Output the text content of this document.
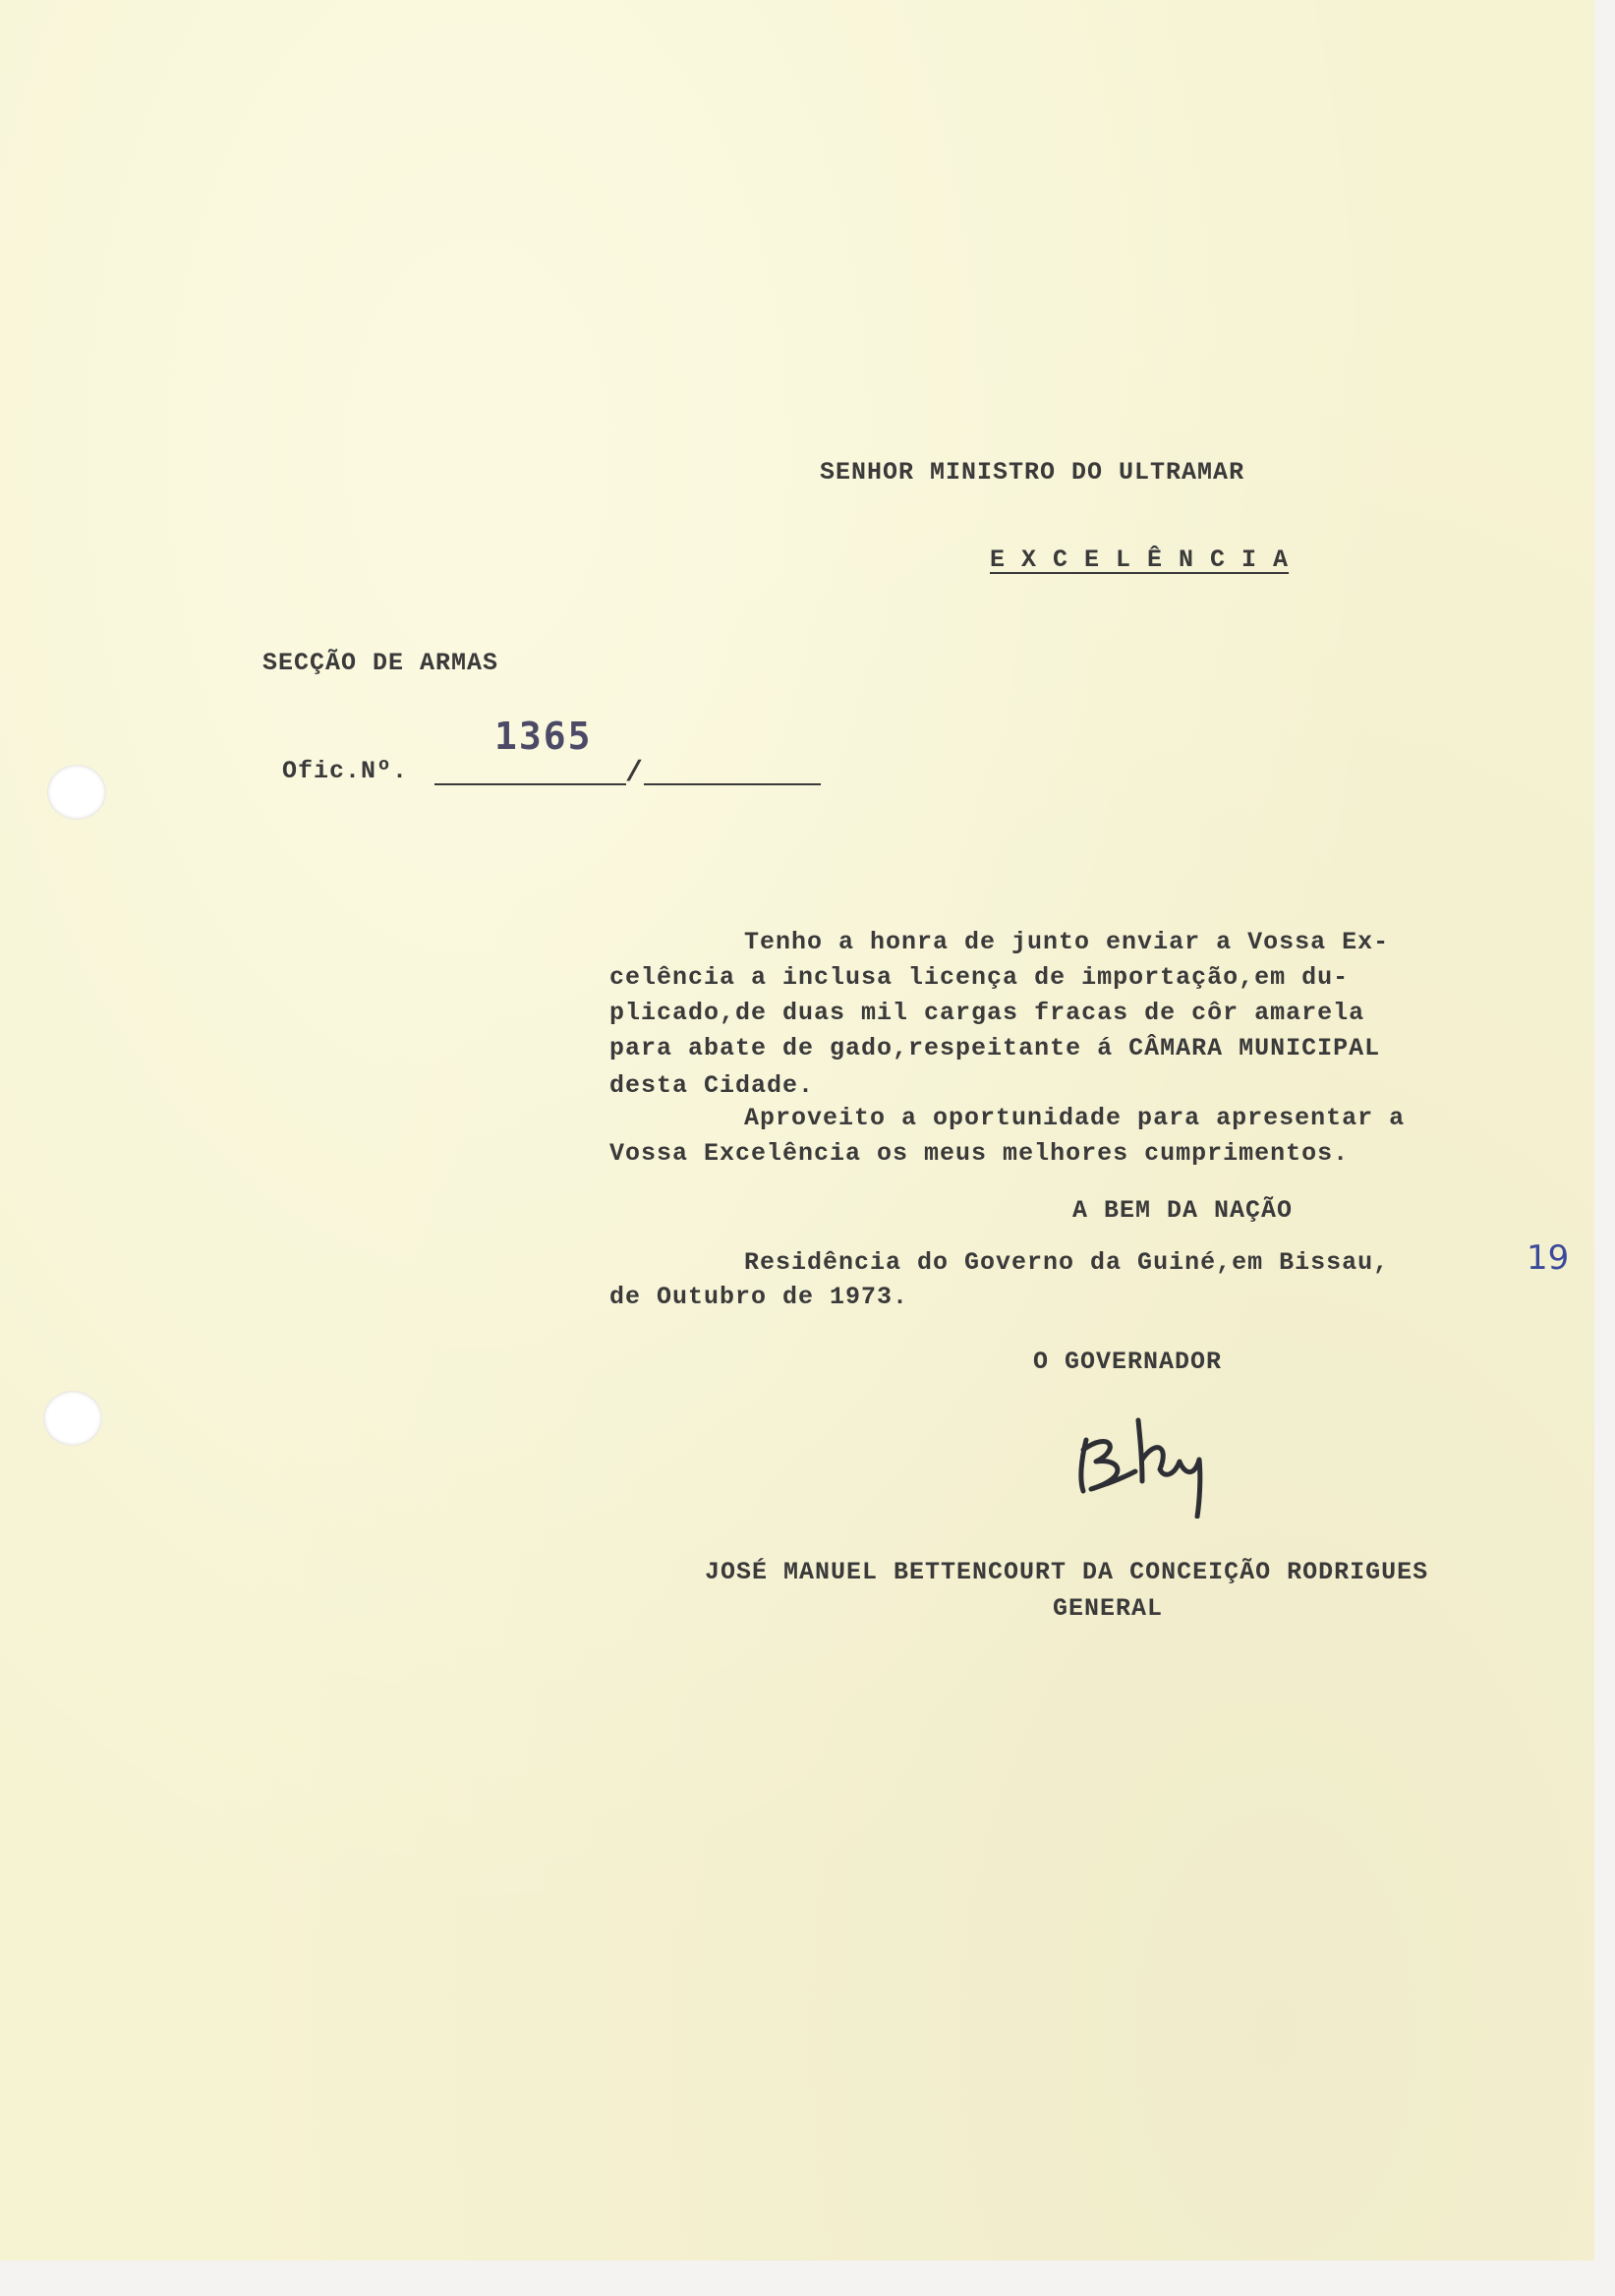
SENHOR MINISTRO DO ULTRAMAR
E X C E L Ê N C I A
SECÇÃO DE ARMAS
Ofic.Nº.
1365
/
Tenho a honra de junto enviar a Vossa Ex-
celência a inclusa licença de importação,em du-
plicado,de duas mil cargas fracas de côr amarela
para abate de gado,respeitante á CÂMARA MUNICIPAL
desta Cidade.
Aproveito a oportunidade para apresentar a
Vossa Excelência os meus melhores cumprimentos.
A BEM DA NAÇÃO
Residência do Governo da Guiné,em Bissau,	19
de Outubro de 1973.
O GOVERNADOR
JOSÉ MANUEL BETTENCOURT DA CONCEIÇÃO RODRIGUES
GENERAL
